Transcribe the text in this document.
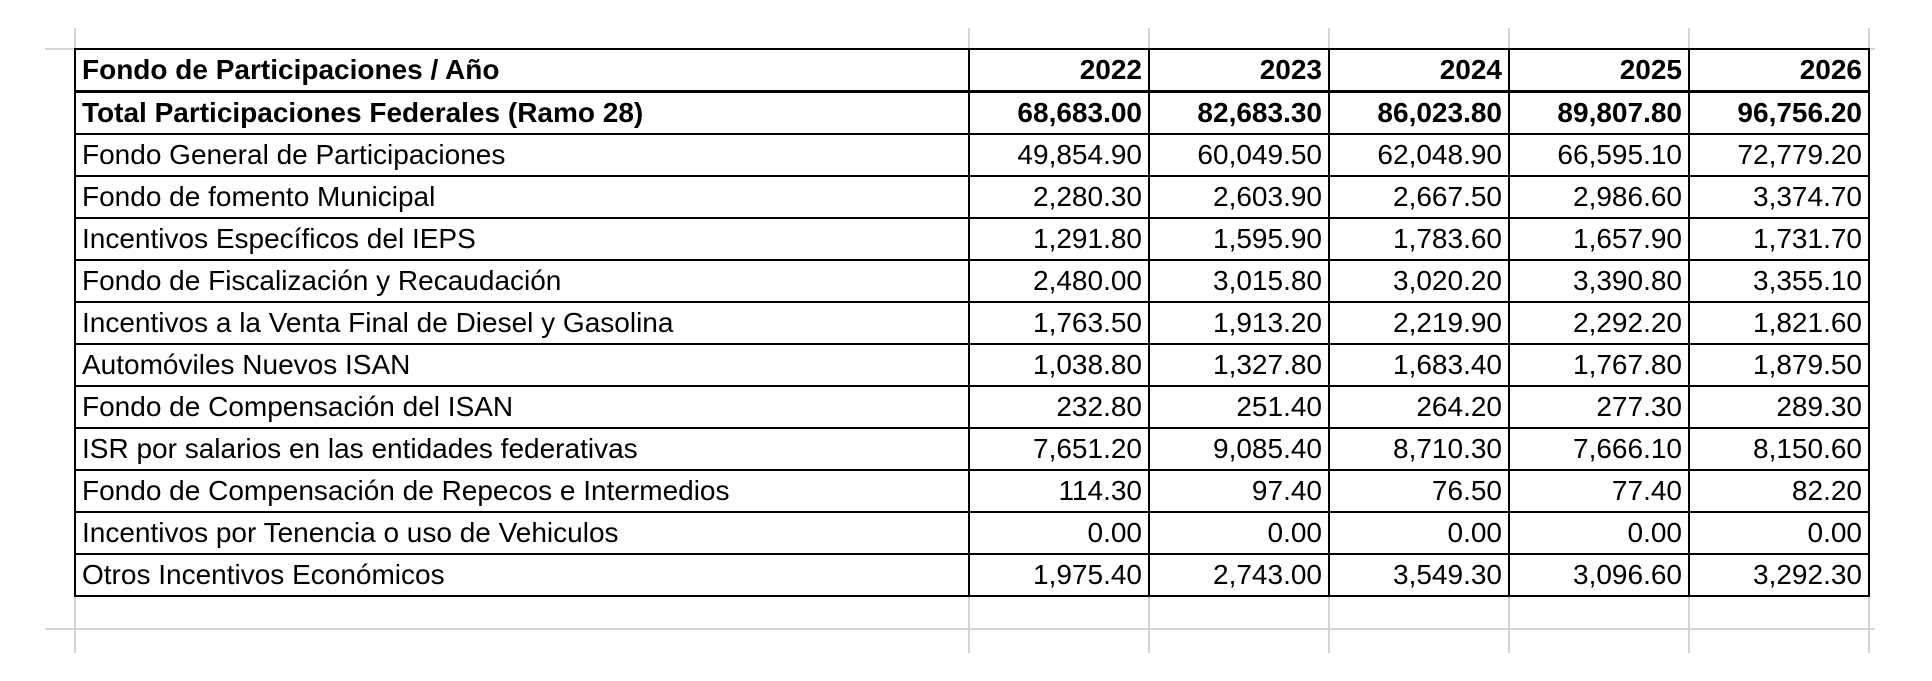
Fondo de Participaciones / Año	2022	2023	2024	2025	2026
Total Participaciones Federales (Ramo 28)	68,683.00	82,683.30	86,023.80	89,807.80	96,756.20
Fondo General de Participaciones	49,854.90	60,049.50	62,048.90	66,595.10	72,779.20
Fondo de fomento Municipal	2,280.30	2,603.90	2,667.50	2,986.60	3,374.70
Incentivos Específicos del IEPS	1,291.80	1,595.90	1,783.60	1,657.90	1,731.70
Fondo de Fiscalización y Recaudación	2,480.00	3,015.80	3,020.20	3,390.80	3,355.10
Incentivos a la Venta Final de Diesel y Gasolina	1,763.50	1,913.20	2,219.90	2,292.20	1,821.60
Automóviles Nuevos ISAN	1,038.80	1,327.80	1,683.40	1,767.80	1,879.50
Fondo de Compensación del ISAN	232.80	251.40	264.20	277.30	289.30
ISR por salarios en las entidades federativas	7,651.20	9,085.40	8,710.30	7,666.10	8,150.60
Fondo de Compensación de Repecos e Intermedios	114.30	97.40	76.50	77.40	82.20
Incentivos por Tenencia o uso de Vehiculos	0.00	0.00	0.00	0.00	0.00
Otros Incentivos Económicos	1,975.40	2,743.00	3,549.30	3,096.60	3,292.30
